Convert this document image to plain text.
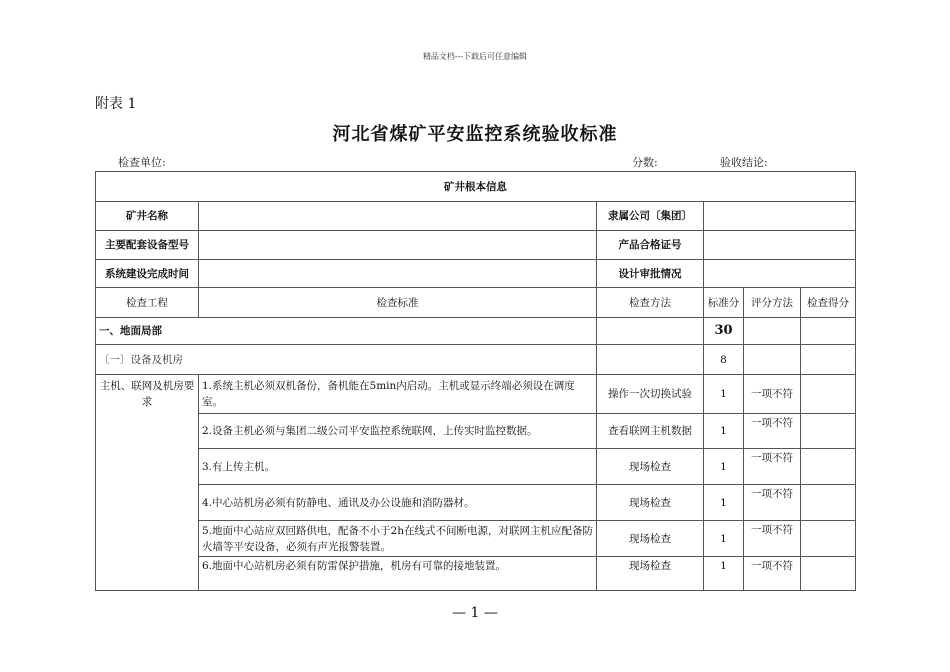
精品文档---下载后可任意编辑
附表 1
河北省煤矿平安监控系统验收标准
检查单位:	分数:	验收结论:
矿井根本信息					
矿井名称		隶属公司〔集团〕			
主要配套设备型号		产品合格证号			
系统建设完成时间		设计审批情况			
检查工程	检查标准	检查方法	标准分	评分方法	检查得分
一、地面局部			30		
〔一〕设备及机房			8		
主机、联网及机房要求	1.系统主机必须双机备份，备机能在5min内启动。主机或显示终端必须设在调度室。	操作一次切换试验	1	一项不符	
	2.设备主机必须与集团二级公司平安监控系统联网，上传实时监控数据。	查看联网主机数据	1	一项不符	
	3.有上传主机。	现场检查	1	一项不符	
	4.中心站机房必须有防静电、通讯及办公设施和消防器材。	现场检查	1	一项不符	
	5.地面中心站应双回路供电，配备不小于2h在线式不间断电源，对联网主机应配备防火墙等平安设备，必须有声光报警装置。	现场检查	1	一项不符	
	6.地面中心站机房必须有防雷保护措施，机房有可靠的接地装置。	现场检查	1	一项不符	
— 1 —
